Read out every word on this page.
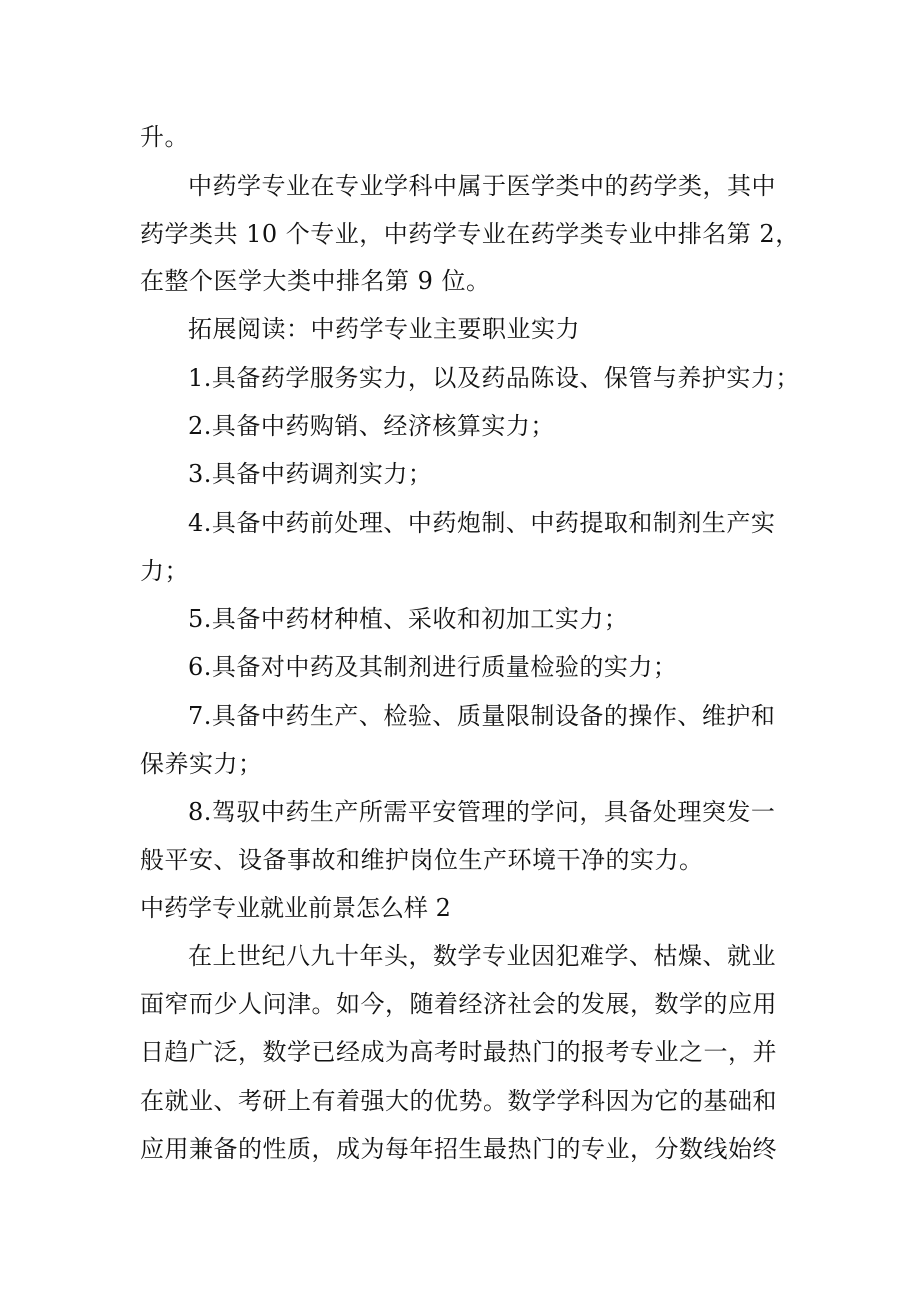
升。
中药学专业在专业学科中属于医学类中的药学类，其中
药学类共 10 个专业，中药学专业在药学类专业中排名第 2，
在整个医学大类中排名第 9 位。
拓展阅读：中药学专业主要职业实力
1.具备药学服务实力，以及药品陈设、保管与养护实力；
2.具备中药购销、经济核算实力；
3.具备中药调剂实力；
4.具备中药前处理、中药炮制、中药提取和制剂生产实
力；
5.具备中药材种植、采收和初加工实力；
6.具备对中药及其制剂进行质量检验的实力；
7.具备中药生产、检验、质量限制设备的操作、维护和
保养实力；
8.驾驭中药生产所需平安管理的学问，具备处理突发一
般平安、设备事故和维护岗位生产环境干净的实力。
中药学专业就业前景怎么样 2
在上世纪八九十年头，数学专业因犯难学、枯燥、就业
面窄而少人问津。如今，随着经济社会的发展，数学的应用
日趋广泛，数学已经成为高考时最热门的报考专业之一，并
在就业、考研上有着强大的优势。数学学科因为它的基础和
应用兼备的性质，成为每年招生最热门的专业，分数线始终
